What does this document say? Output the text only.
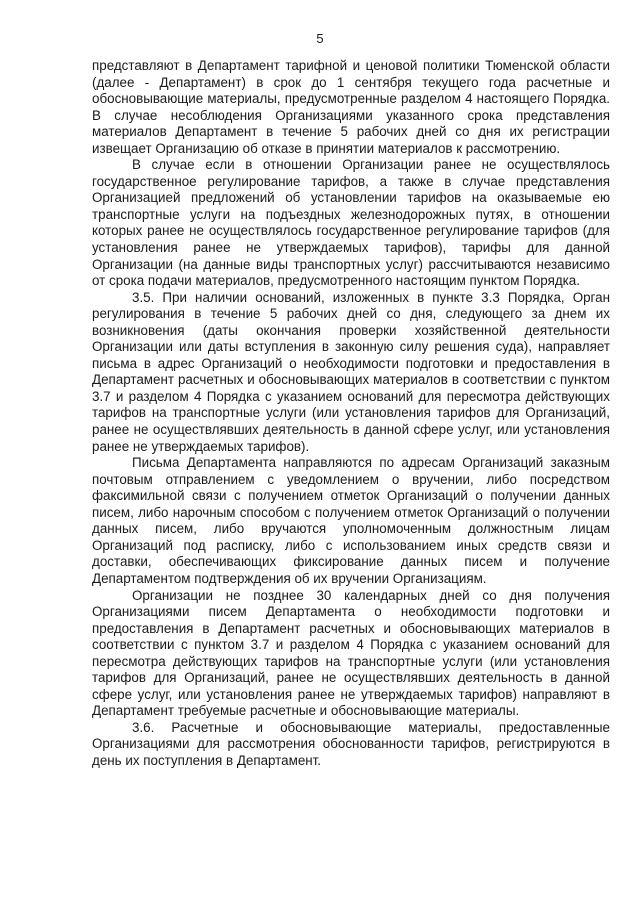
5

представляют в Департамент тарифной и ценовой политики Тюменской области (далее - Департамент) в срок до 1 сентября текущего года расчетные и обосновывающие материалы, предусмотренные разделом 4 настоящего Порядка. В случае несоблюдения Организациями указанного срока представления материалов Департамент в течение 5 рабочих дней со дня их регистрации извещает Организацию об отказе в принятии материалов к рассмотрению.

В случае если в отношении Организации ранее не осуществлялось государственное регулирование тарифов, а также в случае представления Организацией предложений об установлении тарифов на оказываемые ею транспортные услуги на подъездных железнодорожных путях, в отношении которых ранее не осуществлялось государственное регулирование тарифов (для установления ранее не утверждаемых тарифов), тарифы для данной Организации (на данные виды транспортных услуг) рассчитываются независимо от срока подачи материалов, предусмотренного настоящим пунктом Порядка.

3.5. При наличии оснований, изложенных в пункте 3.3 Порядка, Орган регулирования в течение 5 рабочих дней со дня, следующего за днем их возникновения (даты окончания проверки хозяйственной деятельности Организации или даты вступления в законную силу решения суда), направляет письма в адрес Организаций о необходимости подготовки и предоставления в Департамент расчетных и обосновывающих материалов в соответствии с пунктом 3.7 и разделом 4 Порядка с указанием оснований для пересмотра действующих тарифов на транспортные услуги (или установления тарифов для Организаций, ранее не осуществлявших деятельность в данной сфере услуг, или установления ранее не утверждаемых тарифов).

Письма Департамента направляются по адресам Организаций заказным почтовым отправлением с уведомлением о вручении, либо посредством факсимильной связи с получением отметок Организаций о получении данных писем, либо нарочным способом с получением отметок Организаций о получении данных писем, либо вручаются уполномоченным должностным лицам Организаций под расписку, либо с использованием иных средств связи и доставки, обеспечивающих фиксирование данных писем и получение Департаментом подтверждения об их вручении Организациям.

Организации не позднее 30 календарных дней со дня получения Организациями писем Департамента о необходимости подготовки и предоставления в Департамент расчетных и обосновывающих материалов в соответствии с пунктом 3.7 и разделом 4 Порядка с указанием оснований для пересмотра действующих тарифов на транспортные услуги (или установления тарифов для Организаций, ранее не осуществлявших деятельность в данной сфере услуг, или установления ранее не утверждаемых тарифов) направляют в Департамент требуемые расчетные и обосновывающие материалы.

3.6. Расчетные и обосновывающие материалы, предоставленные Организациями для рассмотрения обоснованности тарифов, регистрируются в день их поступления в Департамент.
